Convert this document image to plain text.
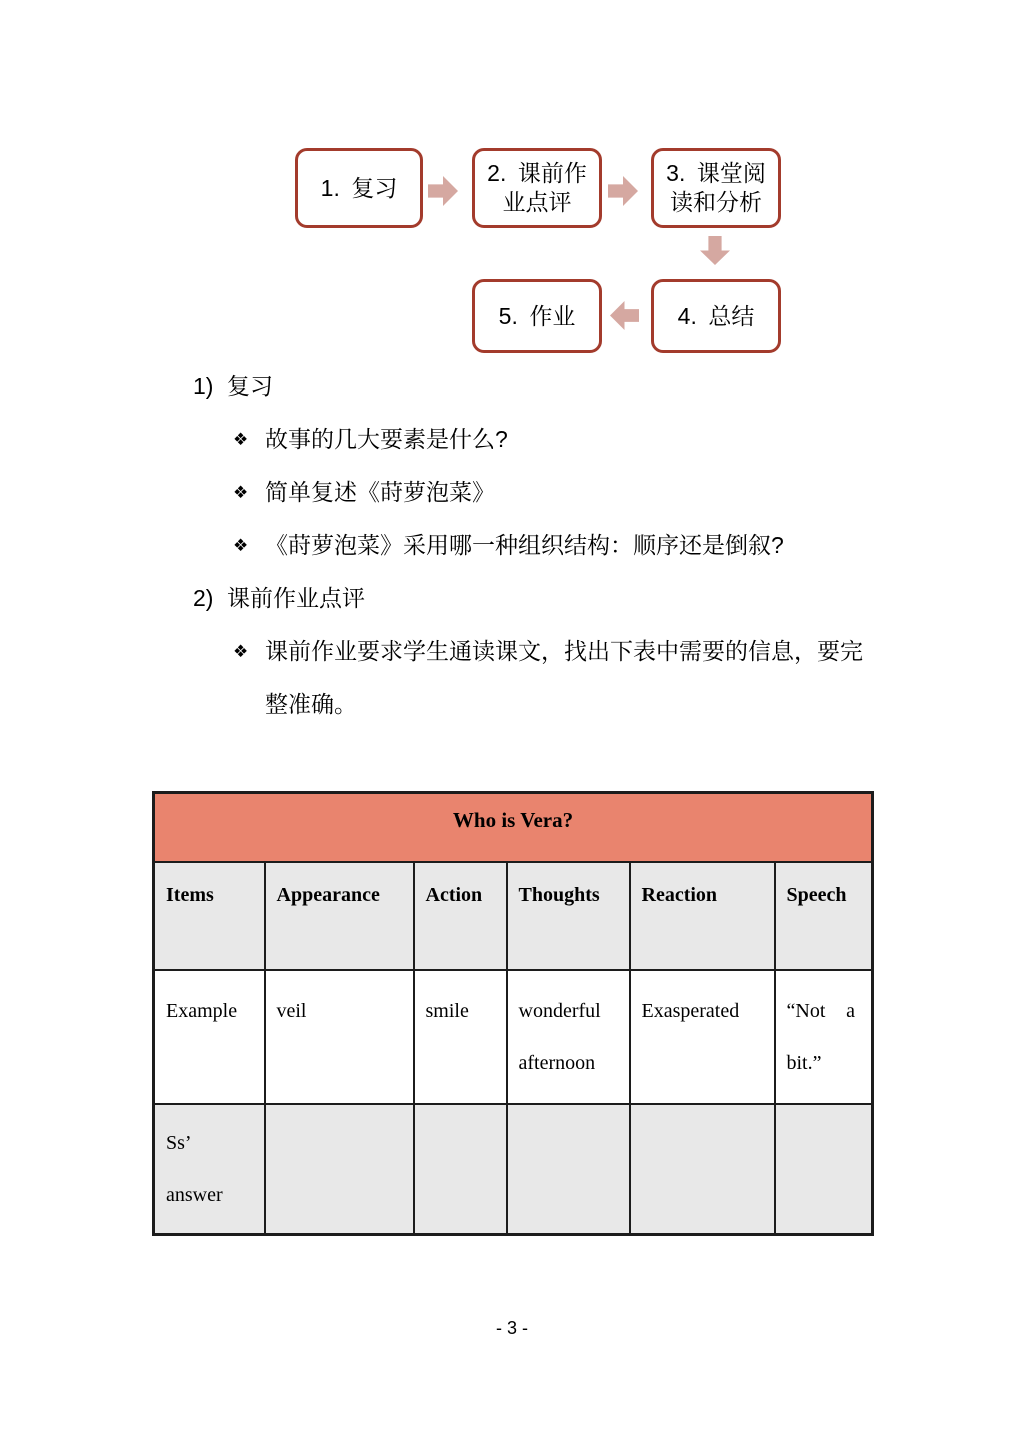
1. 复习
2. 课前作业点评
3. 课堂阅读和分析
4. 总结
5. 作业
1) 复习
❖ 故事的几大要素是什么?
❖ 简单复述《莳萝泡菜》
❖ 《莳萝泡菜》采用哪一种组织结构：顺序还是倒叙?
2) 课前作业点评
❖ 课前作业要求学生通读课文，找出下表中需要的信息，要完整准确。
Who is Vera?					
Items	Appearance	Action	Thoughts	Reaction	Speech
Example	veil	smile	wonderful afternoon	Exasperated	“Not a bit.”
Ss’ answer					
- 3 -
